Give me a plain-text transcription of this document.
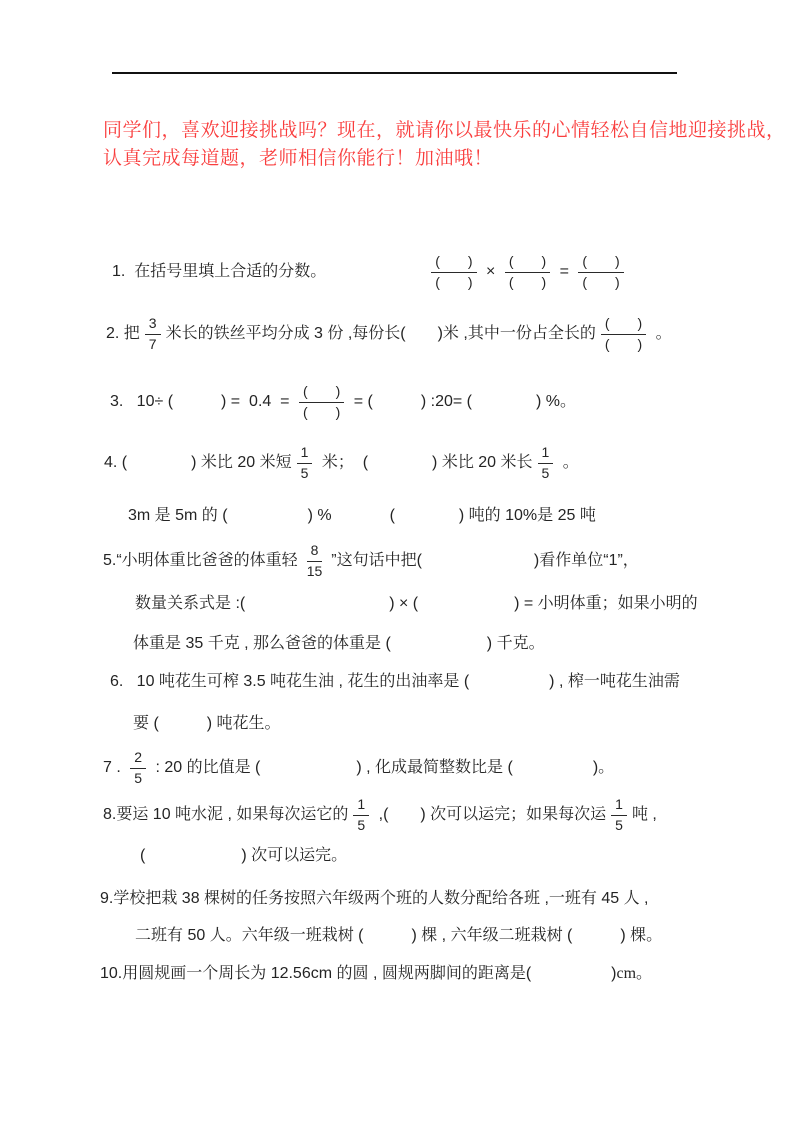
同学们，喜欢迎接挑战吗？现在，就请你以最快乐的心情轻松自信地迎接挑战，
认真完成每道题，老师相信你能行！加油哦！
1.  在括号里填上合适的分数。	$\frac{( )}{( )} \times \frac{( )}{( )} = \frac{( )}{( )}$
2. 把 $\frac{3}{7}$ 米长的铁丝平均分成 3 份 ,每份长(  )米 ,其中一份占全长的 $\frac{( )}{( )}$ 。
3.   10÷ (   ) =  $0.4 = \frac{( )}{( )}$ = (   ) :20= (    ) %。
4. (    ) 米比 20 米短 $\frac{1}{5}$ 米；  (    ) 米比 20 米长 $\frac{1}{5}$ 。
3m 是 5m 的 (     ) %	(    ) 吨的 10%是 25 吨
5.“小明体重比爸爸的体重轻 $\frac{8}{15}$ ”这句话中把(       )看作单位“1”，
数量关系式是 :(         ) × (      ) = 小明体重；如果小明的
体重是 35 千克 , 那么爸爸的体重是 (      ) 千克。
6.   10 吨花生可榨 3.5 吨花生油 , 花生的出油率是 (     ) , 榨一吨花生油需
要 (   ) 吨花生。
7 . $\frac{2}{5}$ : 20 的比值是 (      ) , 化成最简整数比是 (     )。
8.要运 10 吨水泥 , 如果每次运它的 $\frac{1}{5}$ ,(  ) 次可以运完；如果每次运 $\frac{1}{5}$ 吨 ,
(      ) 次可以运完。
9.学校把栽 38 棵树的任务按照六年级两个班的人数分配给各班 ,一班有 45 人 ,
二班有 50 人。六年级一班栽树 (   ) 棵 , 六年级二班栽树 (   ) 棵。
10.用圆规画一个周长为 12.56cm 的圆 , 圆规两脚间的距离是(     ) cm 。
